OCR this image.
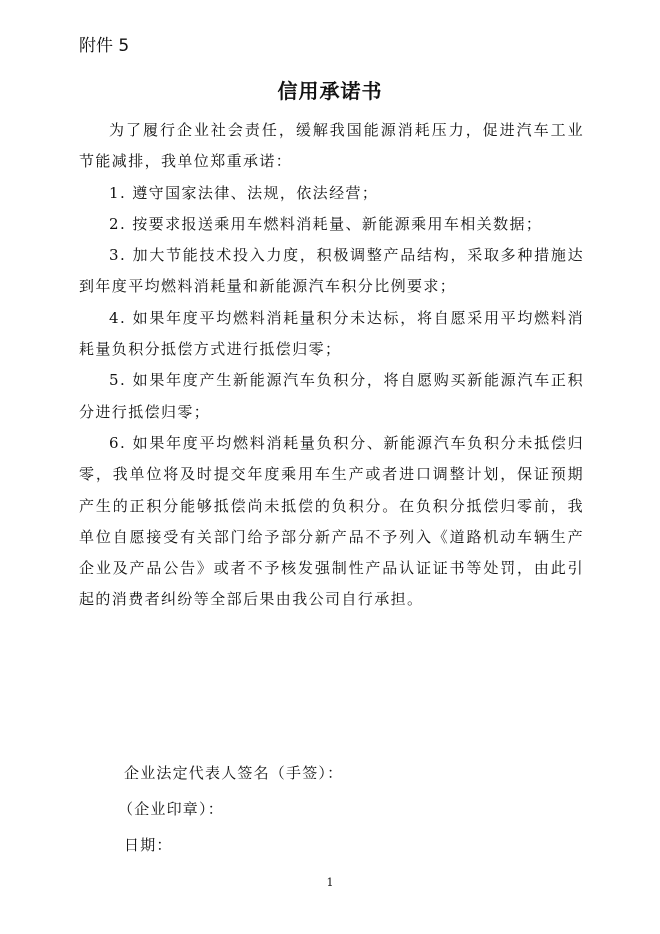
附件 5
信用承诺书

为了履行企业社会责任，缓解我国能源消耗压力，促进汽车工业节能减排，我单位郑重承诺：

1. 遵守国家法律、法规，依法经营；

2. 按要求报送乘用车燃料消耗量、新能源乘用车相关数据；

3. 加大节能技术投入力度，积极调整产品结构，采取多种措施达到年度平均燃料消耗量和新能源汽车积分比例要求；

4. 如果年度平均燃料消耗量积分未达标，将自愿采用平均燃料消耗量负积分抵偿方式进行抵偿归零；

5. 如果年度产生新能源汽车负积分，将自愿购买新能源汽车正积分进行抵偿归零；

6. 如果年度平均燃料消耗量负积分、新能源汽车负积分未抵偿归零，我单位将及时提交年度乘用车生产或者进口调整计划，保证预期产生的正积分能够抵偿尚未抵偿的负积分。在负积分抵偿归零前，我单位自愿接受有关部门给予部分新产品不予列入《道路机动车辆生产企业及产品公告》或者不予核发强制性产品认证证书等处罚，由此引起的消费者纠纷等全部后果由我公司自行承担。

企业法定代表人签名（手签）：
（企业印章）：
日期：
1
